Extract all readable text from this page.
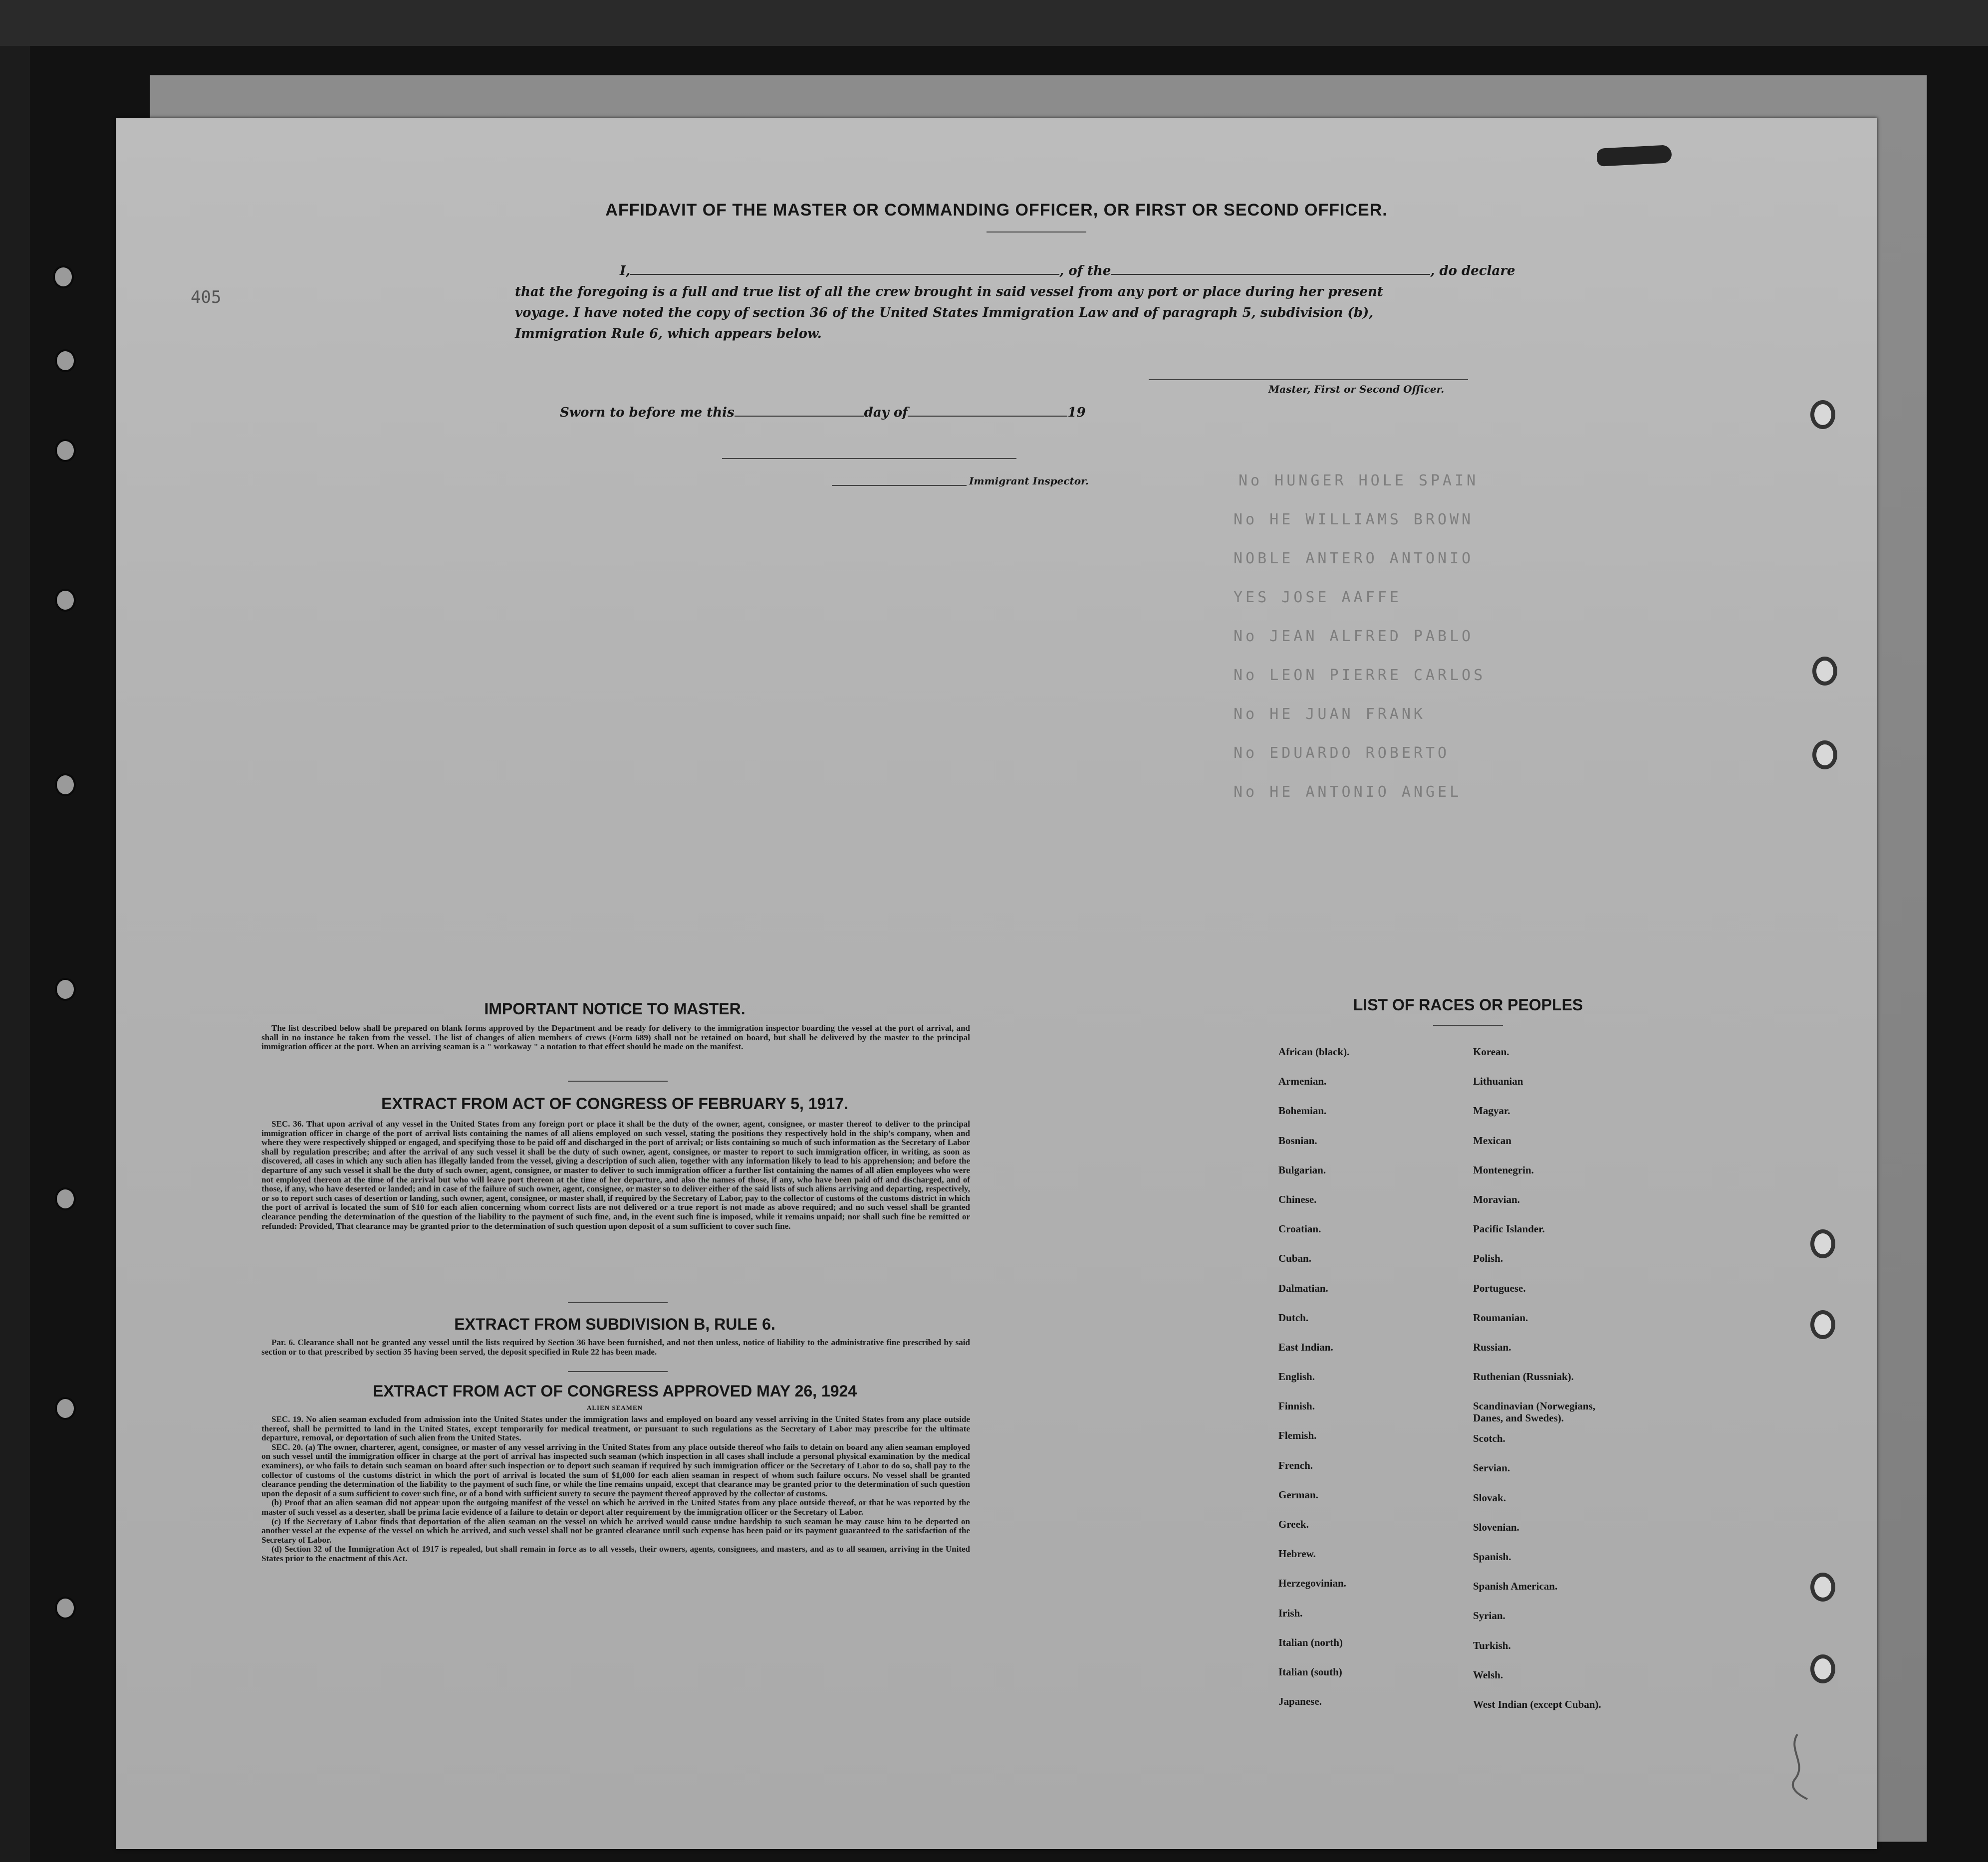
405
No HUNGER HOLE SPAIN
No HE WILLIAMS BROWN
NOBLE ANTERO ANTONIO
YES JOSE AAFFE
No JEAN ALFRED PABLO
No LEON PIERRE CARLOS
No HE JUAN FRANK
No EDUARDO ROBERTO
No HE ANTONIO ANGEL
AFFIDAVIT OF THE MASTER OR COMMANDING OFFICER, OR FIRST OR SECOND OFFICER.
I,	, of the	, do declare
that the foregoing is a full and true list of all the crew brought in said vessel from any port or place during her present
voyage. I have noted the copy of section 36 of the United States Immigration Law and of paragraph 5, subdivision (b),
Immigration Rule 6, which appears below.
Master, First or Second Officer.
Sworn to before me this	day of	19
Immigrant Inspector.
IMPORTANT NOTICE TO MASTER.

The list described below shall be prepared on blank forms approved by the Department and be ready for delivery to the immigration inspector boarding the vessel at the port of arrival, and shall in no instance be taken from the vessel. The list of changes of alien members of crews (Form 689) shall not be retained on board, but shall be delivered by the master to the principal immigration officer at the port. When an arriving seaman is a " workaway " a notation to that effect should be made on the manifest.

EXTRACT FROM ACT OF CONGRESS OF FEBRUARY 5, 1917.

SEC. 36. That upon arrival of any vessel in the United States from any foreign port or place it shall be the duty of the owner, agent, consignee, or master thereof to deliver to the principal immigration officer in charge of the port of arrival lists containing the names of all aliens employed on such vessel, stating the positions they respectively hold in the ship's company, when and where they were respectively shipped or engaged, and specifying those to be paid off and discharged in the port of arrival; or lists containing so much of such information as the Secretary of Labor shall by regulation prescribe; and after the arrival of any such vessel it shall be the duty of such owner, agent, consignee, or master to report to such immigration officer, in writing, as soon as discovered, all cases in which any such alien has illegally landed from the vessel, giving a description of such alien, together with any information likely to lead to his apprehension; and before the departure of any such vessel it shall be the duty of such owner, agent, consignee, or master to deliver to such immigration officer a further list containing the names of all alien employees who were not employed thereon at the time of the arrival but who will leave port thereon at the time of her departure, and also the names of those, if any, who have been paid off and discharged, and of those, if any, who have deserted or landed; and in case of the failure of such owner, agent, consignee, or master so to deliver either of the said lists of such aliens arriving and departing, respectively, or so to report such cases of desertion or landing, such owner, agent, consignee, or master shall, if required by the Secretary of Labor, pay to the collector of customs of the customs district in which the port of arrival is located the sum of $10 for each alien concerning whom correct lists are not delivered or a true report is not made as above required; and no such vessel shall be granted clearance pending the determination of the question of the liability to the payment of such fine, and, in the event such fine is imposed, while it remains unpaid; nor shall such fine be remitted or refunded: Provided, That clearance may be granted prior to the determination of such question upon deposit of a sum sufficient to cover such fine.

EXTRACT FROM SUBDIVISION B, RULE 6.

Par. 6. Clearance shall not be granted any vessel until the lists required by Section 36 have been furnished, and not then unless, notice of liability to the administrative fine prescribed by said section or to that prescribed by section 35 having been served, the deposit specified in Rule 22 has been made.

EXTRACT FROM ACT OF CONGRESS APPROVED MAY 26, 1924
ALIEN SEAMEN

SEC. 19. No alien seaman excluded from admission into the United States under the immigration laws and employed on board any vessel arriving in the United States from any place outside thereof, shall be permitted to land in the United States, except temporarily for medical treatment, or pursuant to such regulations as the Secretary of Labor may prescribe for the ultimate departure, removal, or deportation of such alien from the United States.

SEC. 20. (a) The owner, charterer, agent, consignee, or master of any vessel arriving in the United States from any place outside thereof who fails to detain on board any alien seaman employed on such vessel until the immigration officer in charge at the port of arrival has inspected such seaman (which inspection in all cases shall include a personal physical examination by the medical examiners), or who fails to detain such seaman on board after such inspection or to deport such seaman if required by such immigration officer or the Secretary of Labor to do so, shall pay to the collector of customs of the customs district in which the port of arrival is located the sum of $1,000 for each alien seaman in respect of whom such failure occurs. No vessel shall be granted clearance pending the determination of the liability to the payment of such fine, or while the fine remains unpaid, except that clearance may be granted prior to the determination of such question upon the deposit of a sum sufficient to cover such fine, or of a bond with sufficient surety to secure the payment thereof approved by the collector of customs.

(b) Proof that an alien seaman did not appear upon the outgoing manifest of the vessel on which he arrived in the United States from any place outside thereof, or that he was reported by the master of such vessel as a deserter, shall be prima facie evidence of a failure to detain or deport after requirement by the immigration officer or the Secretary of Labor.

(c) If the Secretary of Labor finds that deportation of the alien seaman on the vessel on which he arrived would cause undue hardship to such seaman he may cause him to be deported on another vessel at the expense of the vessel on which he arrived, and such vessel shall not be granted clearance until such expense has been paid or its payment guaranteed to the satisfaction of the Secretary of Labor.

(d) Section 32 of the Immigration Act of 1917 is repealed, but shall remain in force as to all vessels, their owners, agents, consignees, and masters, and as to all seamen, arriving in the United States prior to the enactment of this Act.

LIST OF RACES OR PEOPLES
African (black).
Armenian.
Bohemian.
Bosnian.
Bulgarian.
Chinese.
Croatian.
Cuban.
Dalmatian.
Dutch.
East Indian.
English.
Finnish.
Flemish.
French.
German.
Greek.
Hebrew.
Herzegovinian.
Irish.
Italian (north)
Italian (south)
Japanese.
Korean.
Lithuanian
Magyar.
Mexican
Montenegrin.
Moravian.
Pacific Islander.
Polish.
Portuguese.
Roumanian.
Russian.
Ruthenian (Russniak).
Scandinavian (Norwegians,
Danes, and Swedes).
Scotch.
Servian.
Slovak.
Slovenian.
Spanish.
Spanish American.
Syrian.
Turkish.
Welsh.
West Indian (except Cuban).
